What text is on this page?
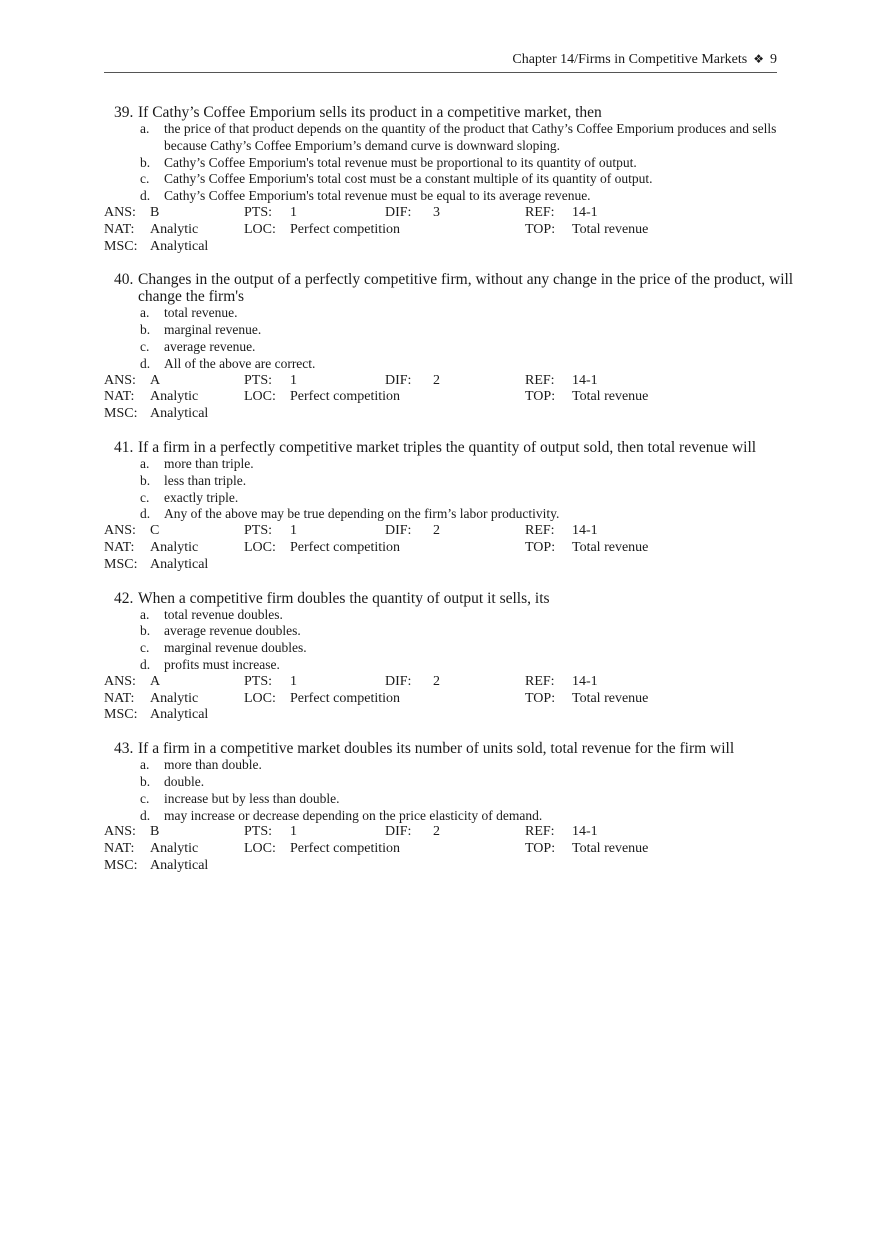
Chapter 14/Firms in Competitive Markets ❖ 9
39. If Cathy’s Coffee Emporium sells its product in a competitive market, then
a. the price of that product depends on the quantity of the product that Cathy’s Coffee Emporium produces and sells because Cathy’s Coffee Emporium’s demand curve is downward sloping.
b. Cathy’s Coffee Emporium's total revenue must be proportional to its quantity of output.
c. Cathy’s Coffee Emporium's total cost must be a constant multiple of its quantity of output.
d. Cathy’s Coffee Emporium's total revenue must be equal to its average revenue.
ANS: B	PTS: 1	DIF: 3	REF: 14-1
NAT: Analytic	LOC: Perfect competition	TOP: Total revenue
MSC: Analytical
40. Changes in the output of a perfectly competitive firm, without any change in the price of the product, will change the firm's
a. total revenue.
b. marginal revenue.
c. average revenue.
d. All of the above are correct.
ANS: A	PTS: 1	DIF: 2	REF: 14-1
NAT: Analytic	LOC: Perfect competition	TOP: Total revenue
MSC: Analytical
41. If a firm in a perfectly competitive market triples the quantity of output sold, then total revenue will
a. more than triple.
b. less than triple.
c. exactly triple.
d. Any of the above may be true depending on the firm’s labor productivity.
ANS: C	PTS: 1	DIF: 2	REF: 14-1
NAT: Analytic	LOC: Perfect competition	TOP: Total revenue
MSC: Analytical
42. When a competitive firm doubles the quantity of output it sells, its
a. total revenue doubles.
b. average revenue doubles.
c. marginal revenue doubles.
d. profits must increase.
ANS: A	PTS: 1	DIF: 2	REF: 14-1
NAT: Analytic	LOC: Perfect competition	TOP: Total revenue
MSC: Analytical
43. If a firm in a competitive market doubles its number of units sold, total revenue for the firm will
a. more than double.
b. double.
c. increase but by less than double.
d. may increase or decrease depending on the price elasticity of demand.
ANS: B	PTS: 1	DIF: 2	REF: 14-1
NAT: Analytic	LOC: Perfect competition	TOP: Total revenue
MSC: Analytical
